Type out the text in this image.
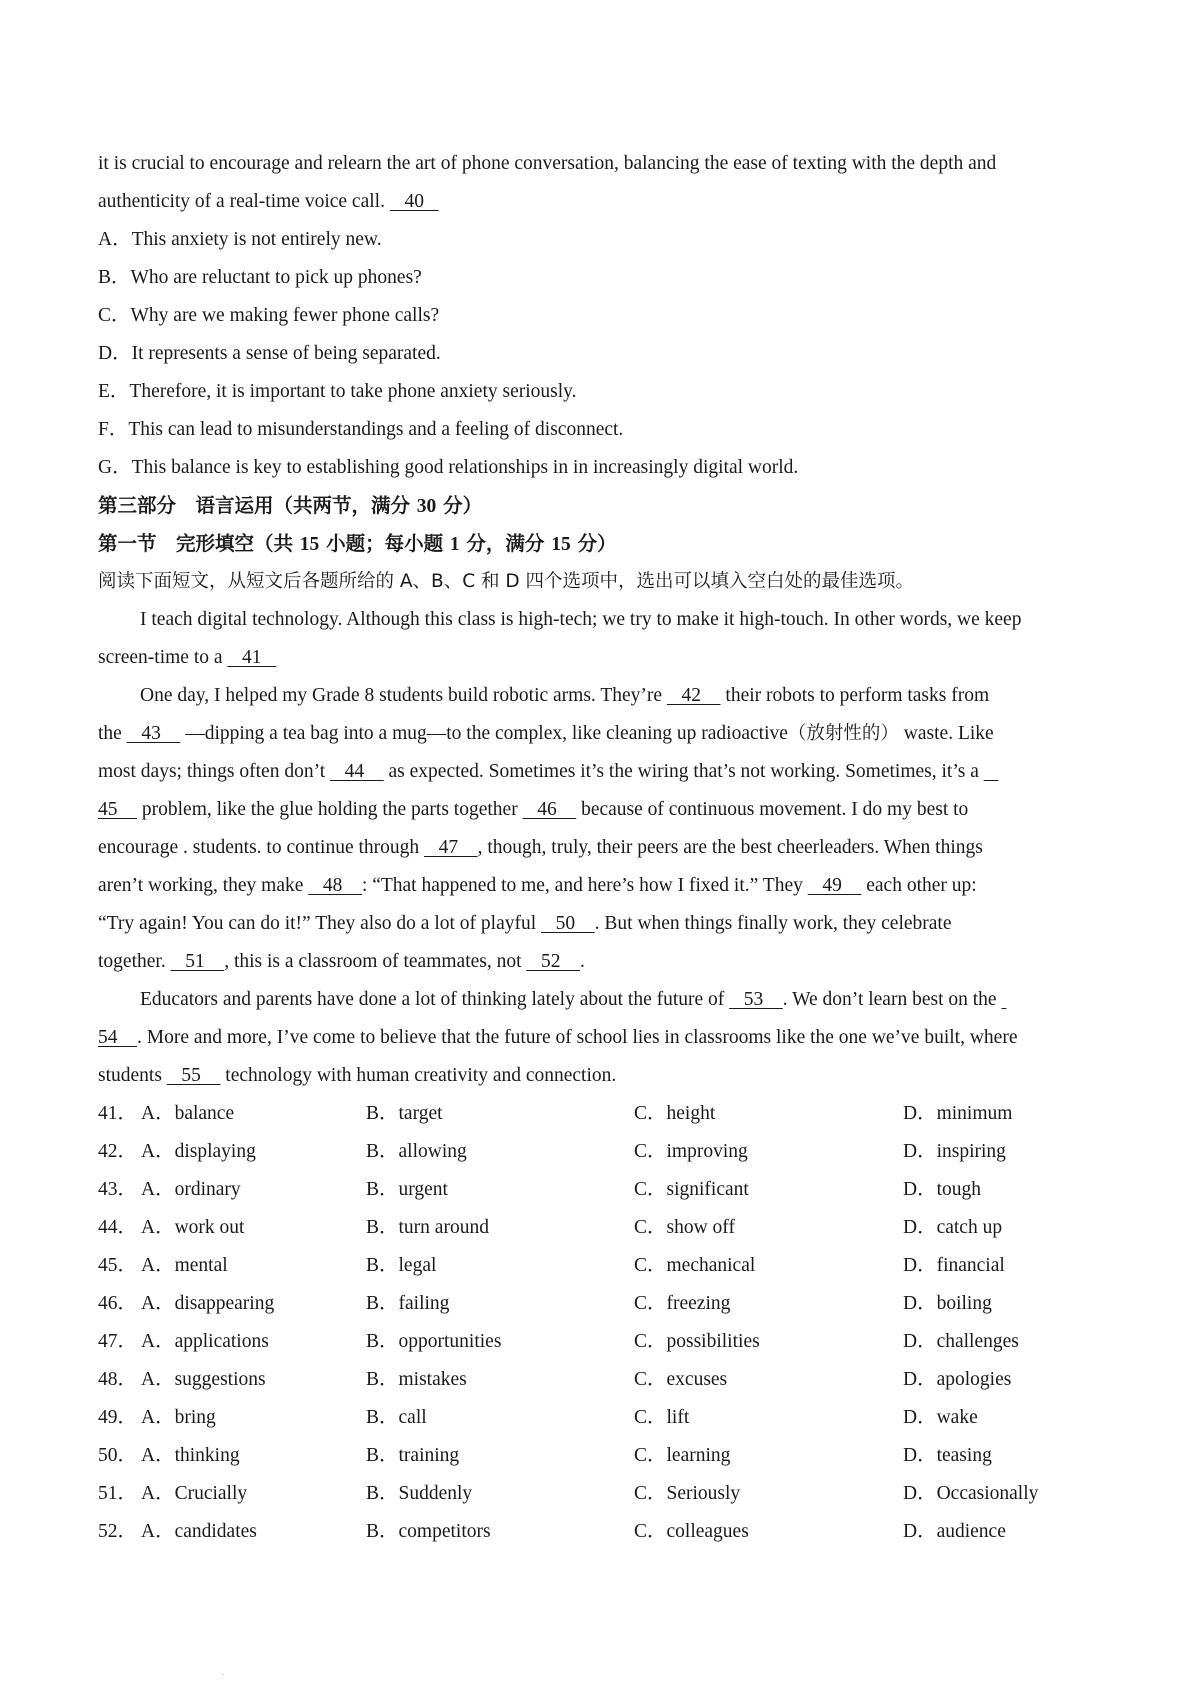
it is crucial to encourage and relearn the art of phone conversation, balancing the ease of texting with the depth and
authenticity of a real-time voice call.    40
A．This anxiety is not entirely new.
B．Who are reluctant to pick up phones?
C．Why are we making fewer phone calls?
D．It represents a sense of being separated.
E．Therefore, it is important to take phone anxiety seriously.
F．This can lead to misunderstandings and a feeling of disconnect.
G．This balance is key to establishing good relationships in in increasingly digital world.
第三部分　语言运用（共两节，满分 30 分）
第一节　完形填空（共 15 小题；每小题 1 分，满分 15 分）
阅读下面短文，从短文后各题所给的 A、B、C 和 D 四个选项中，选出可以填入空白处的最佳选项。
I teach digital technology. Although this class is high-tech; we try to make it high-touch. In other words, we keep
screen-time to a    41
One day, I helped my Grade 8 students build robotic arms. They’re    42     their robots to perform tasks from
the    43     —dipping a tea bag into a mug—to the complex, like cleaning up radioactive（放射性的） waste. Like
most days; things often don’t    44     as expected. Sometimes it’s the wiring that’s not working. Sometimes, it’s a
45     problem, like the glue holding the parts together    46     because of continuous movement. I do my best to
encourage . students. to continue through    47    , though, truly, their peers are the best cheerleaders. When things
aren’t working, they make    48    : “That happened to me, and here’s how I fixed it.” They    49     each other up:
“Try again! You can do it!” They also do a lot of playful    50    . But when things finally work, they celebrate
together.    51    , this is a classroom of teammates, not    52    .
Educators and parents have done a lot of thinking lately about the future of    53    . We don’t learn best on the
54    . More and more, I’ve come to believe that the future of school lies in classrooms like the one we’ve built, where
students    55     technology with human creativity and connection.
41． A．balance	B．target	C．height	D．minimum
42． A．displaying	B．allowing	C．improving	D．inspiring
43． A．ordinary	B．urgent	C．significant	D．tough
44． A．work out	B．turn around	C．show off	D．catch up
45． A．mental	B．legal	C．mechanical	D．financial
46． A．disappearing	B．failing	C．freezing	D．boiling
47． A．applications	B．opportunities	C．possibilities	D．challenges
48． A．suggestions	B．mistakes	C．excuses	D．apologies
49． A．bring	B．call	C．lift	D．wake
50． A．thinking	B．training	C．learning	D．teasing
51． A．Crucially	B．Suddenly	C．Seriously	D．Occasionally
52． A．candidates	B．competitors	C．colleagues	D．audience
.
